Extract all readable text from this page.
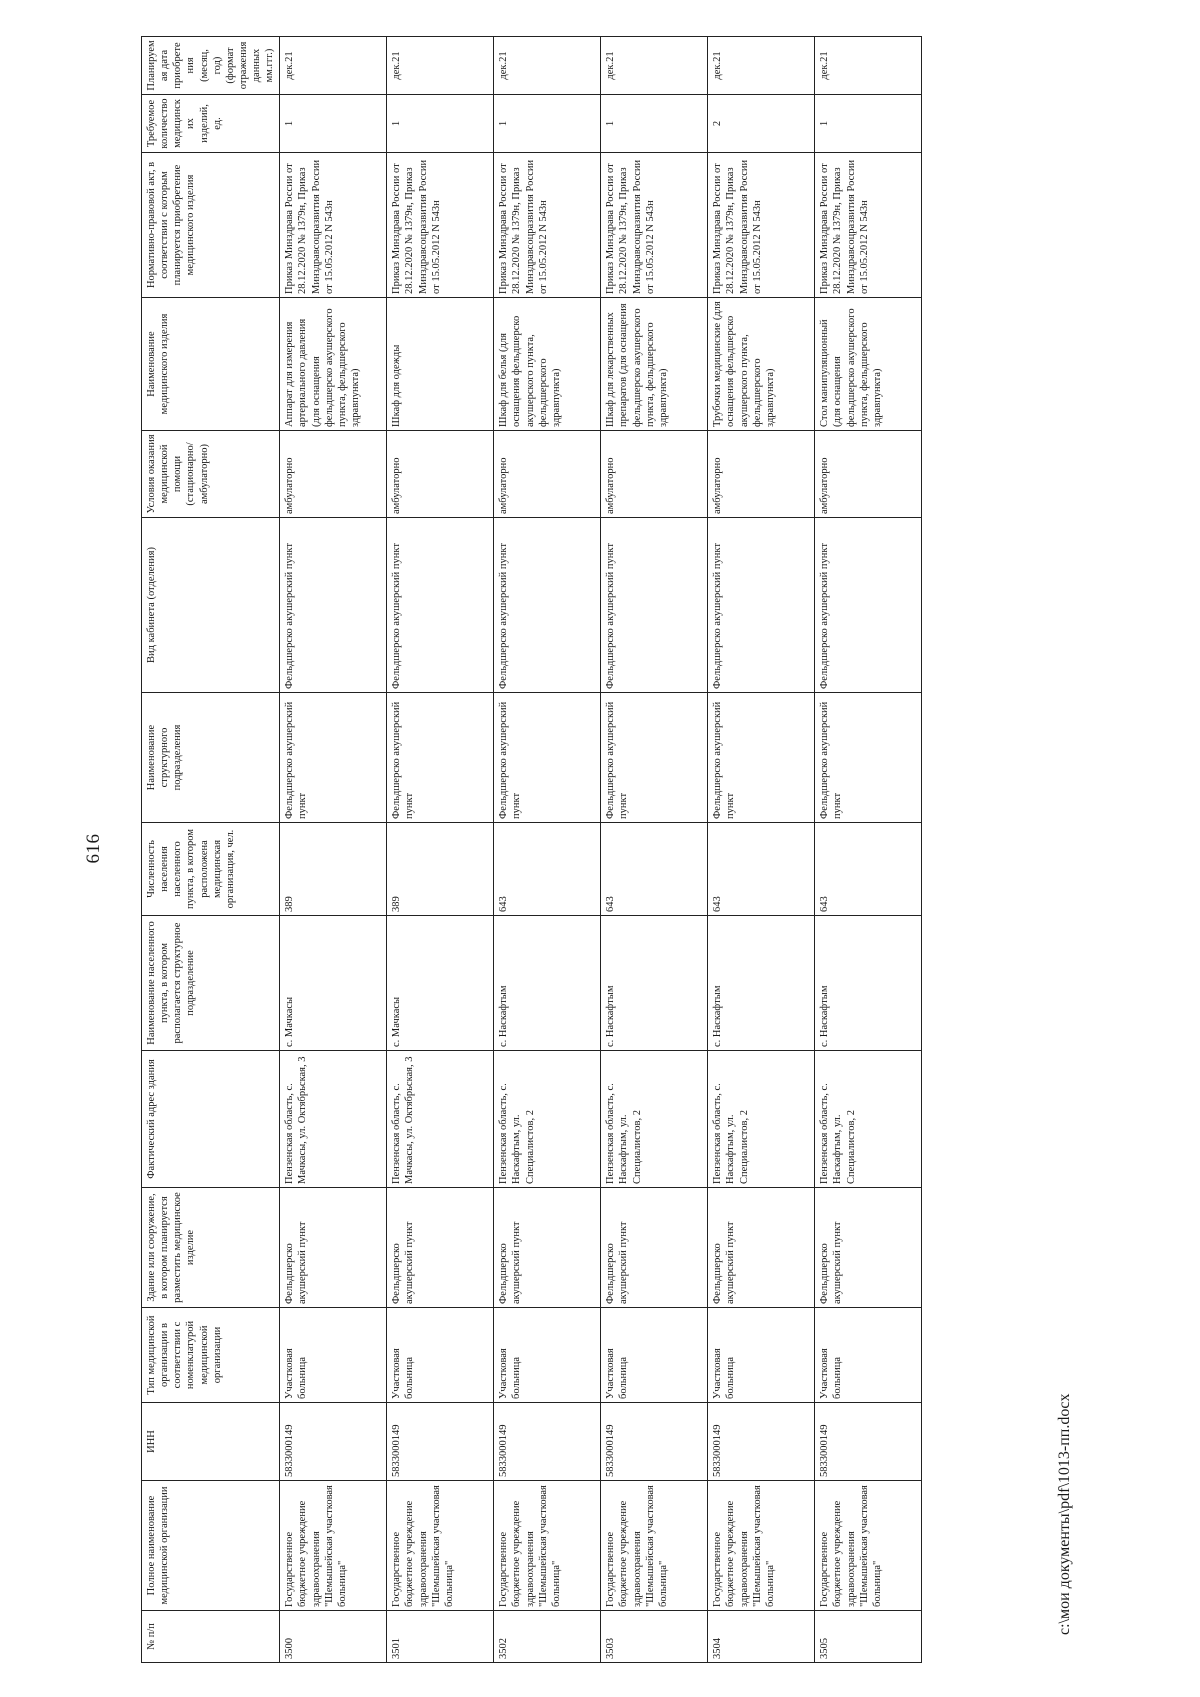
616
№ п/п	Полное наименование медицинской организации	ИНН	Тип медицинской организации в соответствии с номенклатурой медицинской организации	Здание или сооружение, в котором планируется разместить медицинское изделие	Фактический адрес здания	Наименование населенного пункта, в котором располагается структурное подразделение	Численность населения населенного пункта, в котором расположена медицинская организация, чел.	Наименование структурного подразделения	Вид кабинета (отделения)	Условия оказания медицинской помощи (стационарно/ амбулаторно)	Наименование медицинского изделия	Нормативно-правовой акт, в соответствии с которым планируется приобретение медицинского изделия	Требуемое количество медицинских изделий, ед.	Планируемая дата приобретения (месяц, год) (формат отражения данных мм.ггг.)
3500	Государственное бюджетное учреждение здравоохранения "Шемышейская участковая больница"	5833000149	Участковая больница	Фельдшерско акушерский пункт	Пензенская область, с. Мачкасы, ул. Октябрьская, 3	с. Мачкасы	389	Фельдшерско акушерский пункт	Фельдшерско акушерский пункт	амбулаторно	Аппарат для измерения артериального давления (для оснащения фельдшерско акушерского пункта, фельдшерского здравпункта)	Приказ Минздрава России от 28.12.2020 № 1379н, Приказ Минздравсоцразвития России от 15.05.2012 N 543н	1	дек.21
3501	Государственное бюджетное учреждение здравоохранения "Шемышейская участковая больница"	5833000149	Участковая больница	Фельдшерско акушерский пункт	Пензенская область, с. Мачкасы, ул. Октябрьская, 3	с. Мачкасы	389	Фельдшерско акушерский пункт	Фельдшерско акушерский пункт	амбулаторно	Шкаф для одежды	Приказ Минздрава России от 28.12.2020 № 1379н, Приказ Минздравсоцразвития России от 15.05.2012 N 543н	1	дек.21
3502	Государственное бюджетное учреждение здравоохранения "Шемышейская участковая больница"	5833000149	Участковая больница	Фельдшерско акушерский пункт	Пензенская область, с. Наскафтым, ул. Специалистов, 2	с. Наскафтым	643	Фельдшерско акушерский пункт	Фельдшерско акушерский пункт	амбулаторно	Шкаф для белья (для оснащения фельдшерско акушерского пункта, фельдшерского здравпункта)	Приказ Минздрава России от 28.12.2020 № 1379н, Приказ Минздравсоцразвития России от 15.05.2012 N 543н	1	дек.21
3503	Государственное бюджетное учреждение здравоохранения "Шемышейская участковая больница"	5833000149	Участковая больница	Фельдшерско акушерский пункт	Пензенская область, с. Наскафтым, ул. Специалистов, 2	с. Наскафтым	643	Фельдшерско акушерский пункт	Фельдшерско акушерский пункт	амбулаторно	Шкаф для лекарственных препаратов (для оснащения фельдшерско акушерского пункта, фельдшерского здравпункта)	Приказ Минздрава России от 28.12.2020 № 1379н, Приказ Минздравсоцразвития России от 15.05.2012 N 543н	1	дек.21
3504	Государственное бюджетное учреждение здравоохранения "Шемышейская участковая больница"	5833000149	Участковая больница	Фельдшерско акушерский пункт	Пензенская область, с. Наскафтым, ул. Специалистов, 2	с. Наскафтым	643	Фельдшерско акушерский пункт	Фельдшерско акушерский пункт	амбулаторно	Трубочки медицинские (для оснащения фельдшерско акушерского пункта, фельдшерского здравпункта)	Приказ Минздрава России от 28.12.2020 № 1379н, Приказ Минздравсоцразвития России от 15.05.2012 N 543н	2	дек.21
3505	Государственное бюджетное учреждение здравоохранения "Шемышейская участковая больница"	5833000149	Участковая больница	Фельдшерско акушерский пункт	Пензенская область, с. Наскафтым, ул. Специалистов, 2	с. Наскафтым	643	Фельдшерско акушерский пункт	Фельдшерско акушерский пункт	амбулаторно	Стол манипуляционный (для оснащения фельдшерско акушерского пункта, фельдшерского здравпункта)	Приказ Минздрава России от 28.12.2020 № 1379н, Приказ Минздравсоцразвития России от 15.05.2012 N 543н	1	дек.21
c:\мои документы\pdf\1013-пп.docx
